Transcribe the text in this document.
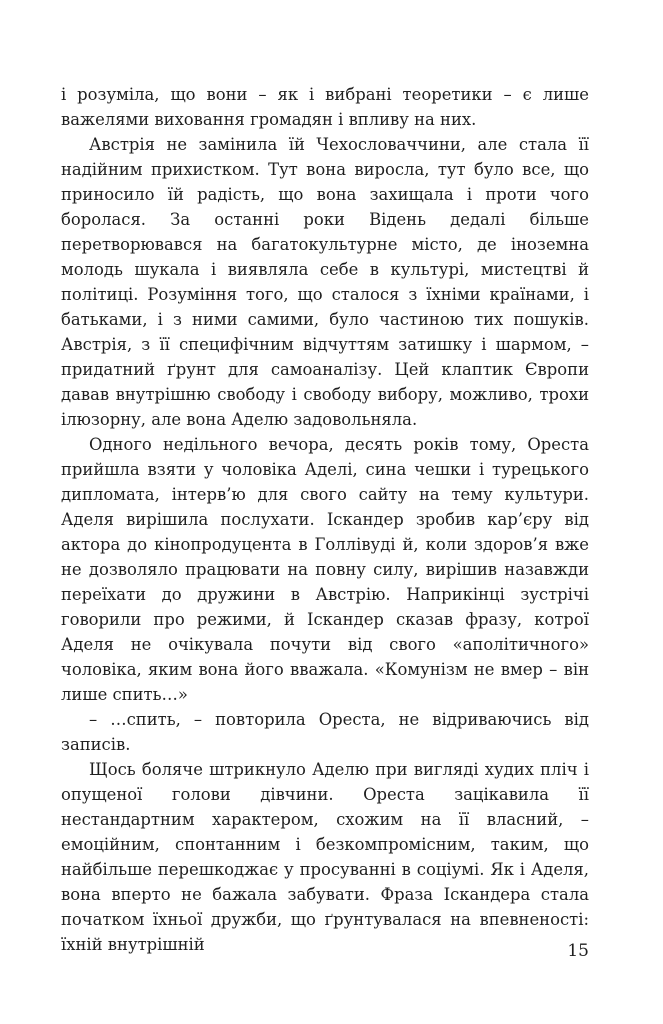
і розуміла, що вони – як і вибрані теоретики – є лише важелями виховання громадян і впливу на них.

Австрія не замінила їй Чехословаччини, але стала її надійним прихистком. Тут вона виросла, тут було все, що приносило їй радість, що вона захищала і проти чого боролася. За останні роки Відень дедалі більше перетворювався на багатокультурне місто, де іноземна молодь шукала і виявляла себе в культурі, мистецтві й політиці. Розуміння того, що сталося з їхніми країнами, і батьками, і з ними самими, було частиною тих пошуків. Австрія, з її специфічним відчуттям затишку і шармом, – придатний ґрунт для самоаналізу. Цей клаптик Європи давав внутрішню свободу і свободу вибору, можливо, трохи ілюзорну, але вона Аделю задовольняла.

Одного недільного вечора, десять років тому, Ореста прийшла взяти у чоловіка Аделі, сина чешки і турецького дипломата, інтерв’ю для свого сайту на тему культури. Аделя вирішила послухати. Іскандер зробив кар’єру від актора до кінопродуцента в Голлівуді й, коли здоров’я вже не дозволяло працювати на повну силу, вирішив назавжди переїхати до дружини в Австрію. Наприкінці зустрічі говорили про режими, й Іскандер сказав фразу, котрої Аделя не очікувала почути від свого «аполітичного» чоловіка, яким вона його вважала. «Комунізм не вмер – він лише спить…»

– …спить, – повторила Ореста, не відриваючись від записів.

Щось боляче штрикнуло Аделю при вигляді худих пліч і опущеної голови дівчини. Ореста зацікавила її нестандартним характером, схожим на її власний, – емоційним, спонтанним і безкомпромісним, таким, що найбільше перешкоджає у просуванні в соціумі. Як і Аделя, вона вперто не бажала забувати. Фраза Іскандера стала початком їхньої дружби, що ґрунтувалася на впевненості: їхній внутрішній	15
